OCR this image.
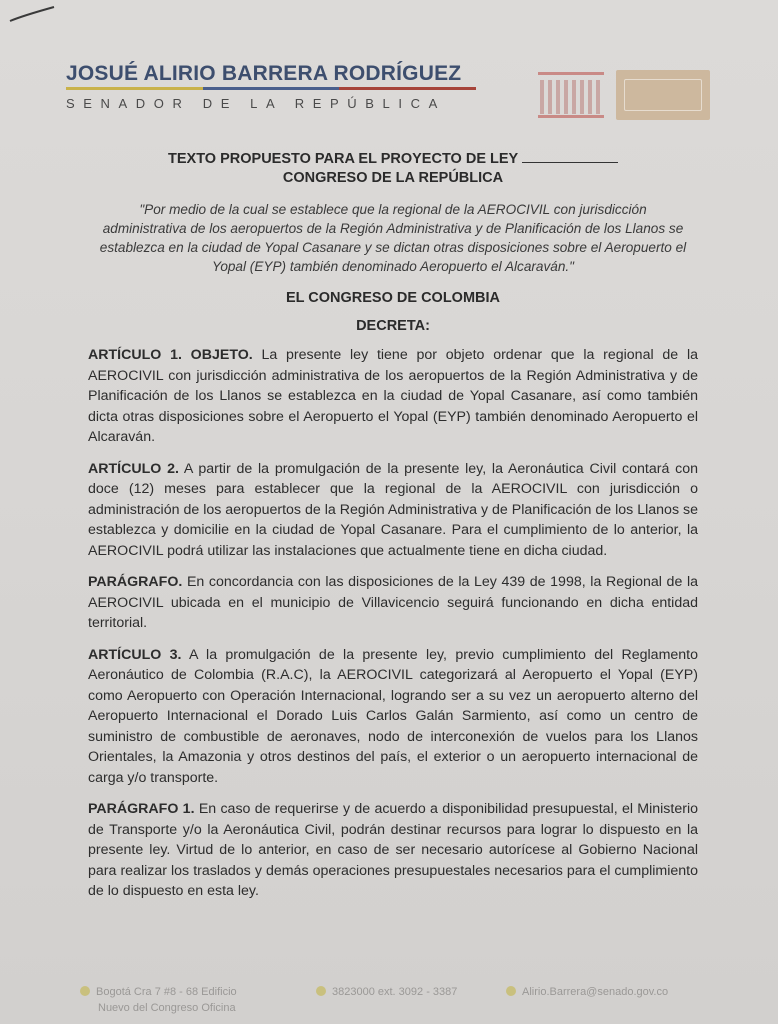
JOSUÉ ALIRIO BARRERA RODRÍGUEZ
SENADOR DE LA REPÚBLICA
TEXTO PROPUESTO PARA EL PROYECTO DE LEY
CONGRESO DE LA REPÚBLICA
"Por medio de la cual se establece que la regional de la AEROCIVIL con jurisdicción administrativa de los aeropuertos de la Región Administrativa y de Planificación de los Llanos se establezca en la ciudad de Yopal Casanare y se dictan otras disposiciones sobre el Aeropuerto el Yopal (EYP) también denominado Aeropuerto el Alcaraván."
EL CONGRESO DE COLOMBIA
DECRETA:
ARTÍCULO 1. OBJETO. La presente ley tiene por objeto ordenar que la regional de la AEROCIVIL con jurisdicción administrativa de los aeropuertos de la Región Administrativa y de Planificación de los Llanos se establezca en la ciudad de Yopal Casanare, así como también dicta otras disposiciones sobre el Aeropuerto el Yopal (EYP) también denominado Aeropuerto el Alcaraván.
ARTÍCULO 2. A partir de la promulgación de la presente ley, la Aeronáutica Civil contará con doce (12) meses para establecer que la regional de la AEROCIVIL con jurisdicción o administración de los aeropuertos de la Región Administrativa y de Planificación de los Llanos se establezca y domicilie en la ciudad de Yopal Casanare. Para el cumplimiento de lo anterior, la AEROCIVIL podrá utilizar las instalaciones que actualmente tiene en dicha ciudad.
PARÁGRAFO. En concordancia con las disposiciones de la Ley 439 de 1998, la Regional de la AEROCIVIL ubicada en el municipio de Villavicencio seguirá funcionando en dicha entidad territorial.
ARTÍCULO 3. A la promulgación de la presente ley, previo cumplimiento del Reglamento Aeronáutico de Colombia (R.A.C), la AEROCIVIL categorizará al Aeropuerto el Yopal (EYP) como Aeropuerto con Operación Internacional, logrando ser a su vez un aeropuerto alterno del Aeropuerto Internacional el Dorado Luis Carlos Galán Sarmiento, así como un centro de suministro de combustible de aeronaves, nodo de interconexión de vuelos para los Llanos Orientales, la Amazonia y otros destinos del país, el exterior o un aeropuerto internacional de carga y/o transporte.
PARÁGRAFO 1. En caso de requerirse y de acuerdo a disponibilidad presupuestal, el Ministerio de Transporte y/o la Aeronáutica Civil, podrán destinar recursos para lograr lo dispuesto en la presente ley. Virtud de lo anterior, en caso de ser necesario autorícese al Gobierno Nacional para realizar los traslados y demás operaciones presupuestales necesarios para el cumplimiento de lo dispuesto en esta ley.
Bogotá Cra 7 #8 - 68 Edificio
Nuevo del Congreso Oficina
3823000 ext. 3092 - 3387	Alirio.Barrera@senado.gov.co
